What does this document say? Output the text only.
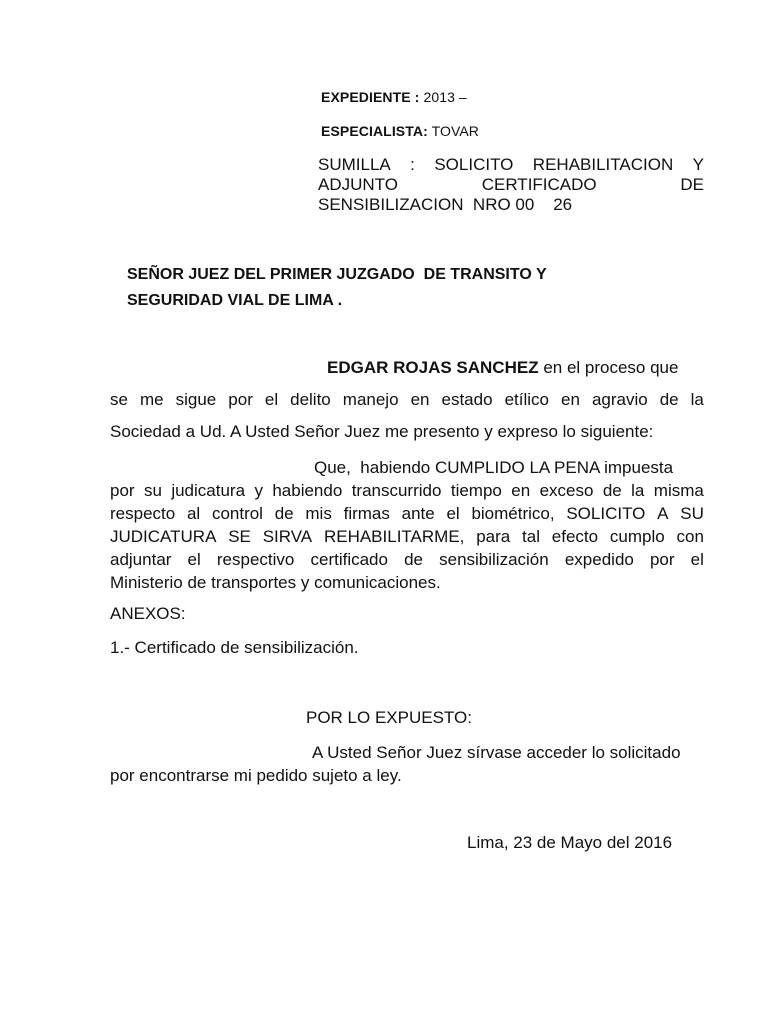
EXPEDIENTE : 2013 –
ESPECIALISTA: TOVAR
SUMILLA : SOLICITO REHABILITACION Y
ADJUNTO	CERTIFICADO	DE
SENSIBILIZACION  NRO 00    26
SEÑOR JUEZ DEL PRIMER JUZGADO  DE TRANSITO Y
SEGURIDAD VIAL DE LIMA .
EDGAR ROJAS SANCHEZ en el proceso que
se me sigue por el delito manejo en estado etílico en agravio de la
Sociedad a Ud. A Usted Señor Juez me presento y expreso lo siguiente:
Que,  habiendo CUMPLIDO LA PENA impuesta
por su judicatura y habiendo transcurrido tiempo en exceso de la misma
respecto al control de mis firmas ante el biométrico, SOLICITO A SU
JUDICATURA SE SIRVA REHABILITARME, para tal efecto cumplo con
adjuntar el respectivo certificado de sensibilización expedido por el
Ministerio de transportes y comunicaciones.
ANEXOS:
1.- Certificado de sensibilización.
POR LO EXPUESTO:
A Usted Señor Juez sírvase acceder lo solicitado
por encontrarse mi pedido sujeto a ley.
Lima, 23 de Mayo del 2016
